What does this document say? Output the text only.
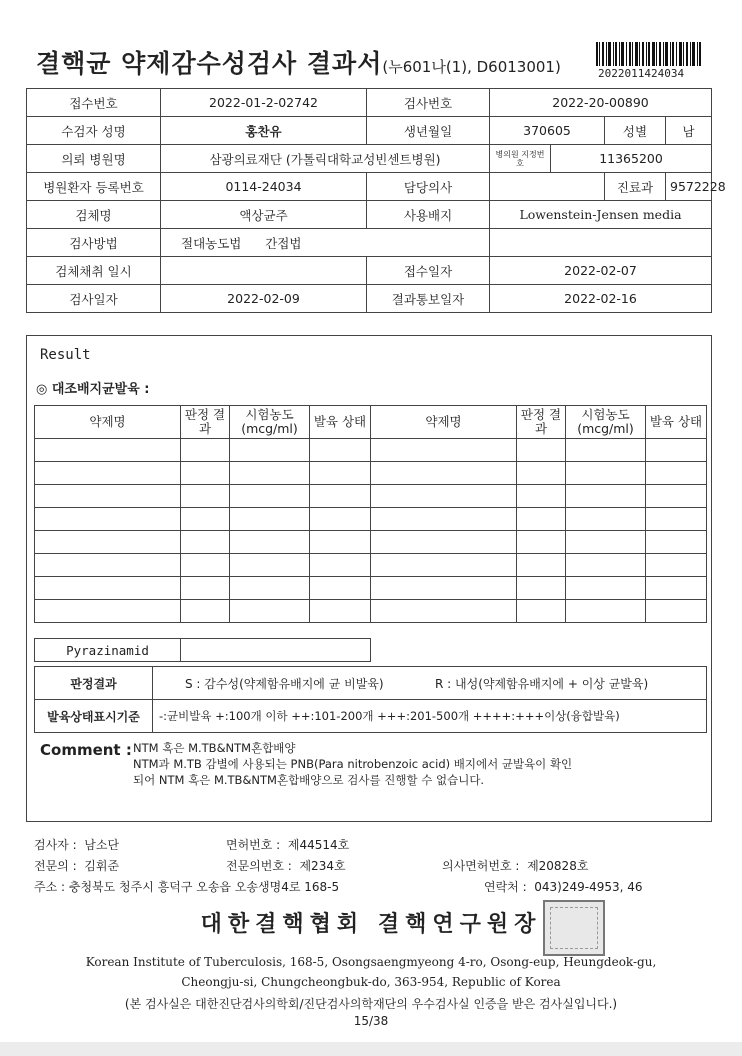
결핵균 약제감수성검사 결과서(누601나(1), D6013001)	2022011424034
접수번호	2022-01-2-02742	검사번호	2022-20-00890			
수검자 성명	홍찬유	생년월일	370605		성별	남
의뢰 병원명	삼광의료재단 (가톨릭대학교성빈센트병원)		병의원 지정번호	11365200		
병원환자 등록번호	0114-24034	담당의사			진료과	9572228
검체명	액상균주	사용배지	Lowenstein-Jensen media			
검사방법	절대농도법 간접법					
검체채취 일시		접수일자	2022-02-07			
검사일자	2022-02-09	결과통보일자	2022-02-16			
Result
◎ 대조배지균발육 :
약제명	판정 결과	시험농도 (mcg/ml)	발육 상태	약제명	판정 결과	시험농도 (mcg/ml)	발육 상태

Pyrazinamid	
판정결과	S : 감수성(약제함유배지에 균 비발육) R : 내성(약제함유배지에 + 이상 균발육)
발육상태표시기준	-:균비발육 +:100개 이하 ++:101-200개 +++:201-500개 ++++:+++이상(융합발육)
Comment : NTM 혹은 M.TB&NTM혼합배양
NTM과 M.TB 감별에 사용되는 PNB(Para nitrobenzoic acid) 배지에서 균발육이 확인
되어 NTM 혹은 M.TB&NTM혼합배양으로 검사를 진행할 수 없습니다.
검사자 : 남소단	면허번호 : 제44514호
전문의 : 김휘준	전문의번호 : 제234호	의사면허번호 : 제20828호
주소 : 충청북도 청주시 흥덕구 오송읍 오송생명4로 168-5	연락처 : 043)249-4953, 46
대한결핵협회 결핵연구원장
Korean Institute of Tuberculosis, 168-5, Osongsaengmyeong 4-ro, Osong-eup, Heungdeok-gu,
Cheongju-si, Chungcheongbuk-do, 363-954, Republic of Korea
(본 검사실은 대한진단검사의학회/진단검사의학재단의 우수검사실 인증을 받은 검사실입니다.)
15/38
